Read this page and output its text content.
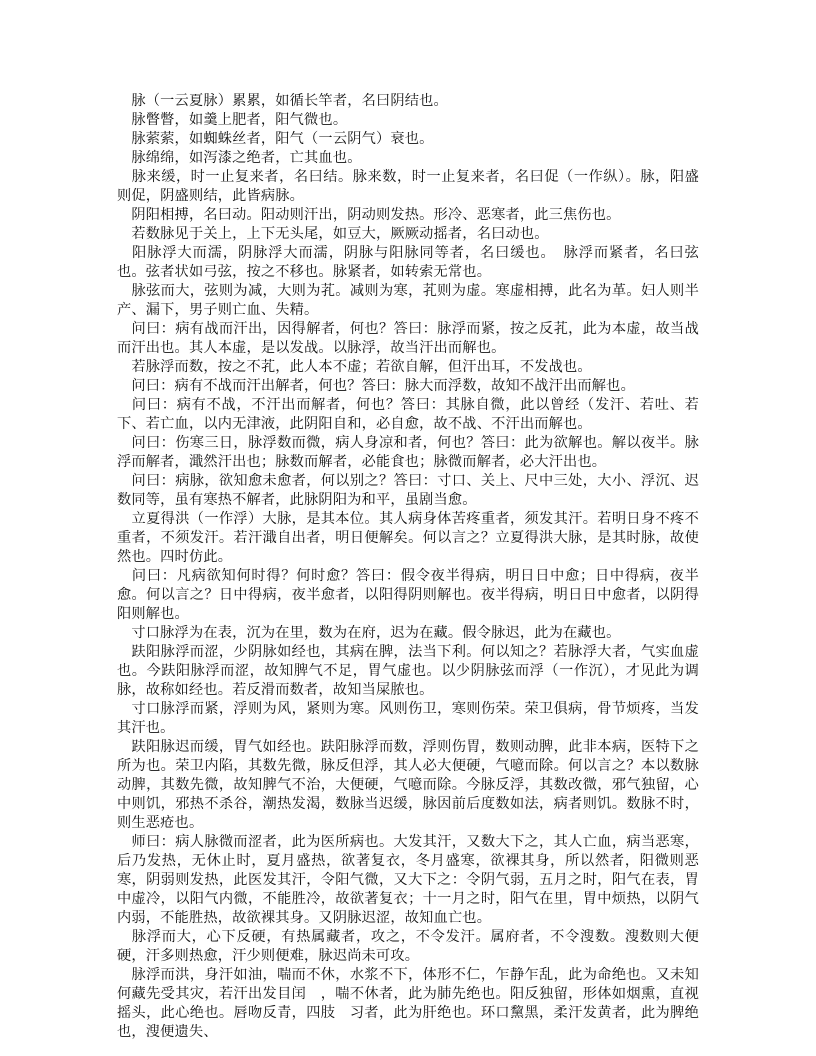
　脉（一云夏脉）累累，如循长竿者，名曰阴结也。

　脉瞥瞥，如羹上肥者，阳气微也。

　脉萦萦，如蜘蛛丝者，阳气（一云阴气）衰也。

　脉绵绵，如泻漆之绝者，亡其血也。

　脉来缓，时一止复来者，名曰结。脉来数，时一止复来者，名曰促（一作纵）。脉，阳盛则促，阴盛则结，此皆病脉。

　阴阳相搏，名曰动。阳动则汗出，阴动则发热。形冷、恶寒者，此三焦伤也。

　若数脉见于关上，上下无头尾，如豆大，厥厥动摇者，名曰动也。

　阳脉浮大而濡，阴脉浮大而濡，阴脉与阳脉同等者，名曰缓也。　脉浮而紧者，名曰弦也。弦者状如弓弦，按之不移也。脉紧者，如转索无常也。

　脉弦而大，弦则为减，大则为芤。减则为寒，芤则为虚。寒虚相搏，此名为革。妇人则半产、漏下，男子则亡血、失精。

　问曰：病有战而汗出，因得解者，何也？答曰：脉浮而紧，按之反芤，此为本虚，故当战而汗出也。其人本虚，是以发战。以脉浮，故当汗出而解也。

　若脉浮而数，按之不芤，此人本不虚；若欲自解，但汗出耳，不发战也。

　问曰：病有不战而汗出解者，何也？答曰：脉大而浮数，故知不战汗出而解也。

　问曰：病有不战，不汗出而解者，何也？答曰：其脉自微，此以曾经（发汗、若吐、若下、若亡血，以内无津液，此阴阳自和，必自愈，故不战、不汗出而解也。

　问曰：伤寒三日，脉浮数而微，病人身凉和者，何也？答曰：此为欲解也。解以夜半。脉浮而解者，濈然汗出也；脉数而解者，必能食也；脉微而解者，必大汗出也。

　问曰：病脉，欲知愈未愈者，何以别之？答曰：寸口、关上、尺中三处，大小、浮沉、迟数同等，虽有寒热不解者，此脉阴阳为和平，虽剧当愈。

　立夏得洪（一作浮）大脉，是其本位。其人病身体苦疼重者，须发其汗。若明日身不疼不重者，不须发汗。若汗濈自出者，明日便解矣。何以言之？立夏得洪大脉，是其时脉，故使然也。四时仿此。

　问曰：凡病欲知何时得？何时愈？答曰：假令夜半得病，明日日中愈；日中得病，夜半愈。何以言之？日中得病，夜半愈者，以阳得阴则解也。夜半得病，明日日中愈者，以阴得阳则解也。

　寸口脉浮为在表，沉为在里，数为在府，迟为在藏。假令脉迟，此为在藏也。

　趺阳脉浮而涩，少阴脉如经也，其病在脾，法当下利。何以知之？若脉浮大者，气实血虚也。今趺阳脉浮而涩，故知脾气不足，胃气虚也。以少阴脉弦而浮（一作沉），才见此为调脉，故称如经也。若反滑而数者，故知当屎脓也。

　寸口脉浮而紧，浮则为风，紧则为寒。风则伤卫，寒则伤荣。荣卫俱病，骨节烦疼，当发其汗也。

　趺阳脉迟而缓，胃气如经也。趺阳脉浮而数，浮则伤胃，数则动脾，此非本病，医特下之所为也。荣卫内陷，其数先微，脉反但浮，其人必大便硬，气噫而除。何以言之？本以数脉动脾，其数先微，故知脾气不治，大便硬，气噫而除。今脉反浮，其数改微，邪气独留，心中则饥，邪热不杀谷，潮热发渴，数脉当迟缓，脉因前后度数如法，病者则饥。数脉不时，则生恶疮也。

　师曰：病人脉微而涩者，此为医所病也。大发其汗，又数大下之，其人亡血，病当恶寒，后乃发热，无休止时，夏月盛热，欲著复衣，冬月盛寒，欲裸其身，所以然者，阳微则恶寒，阴弱则发热，此医发其汗，令阳气微，又大下之：令阴气弱，五月之时，阳气在表，胃中虚冷，以阳气内微，不能胜冷，故欲著复衣；十一月之时，阳气在里，胃中烦热，以阴气内弱，不能胜热，故欲裸其身。又阴脉迟涩，故知血亡也。

　脉浮而大，心下反硬，有热属藏者，攻之，不令发汗。属府者，不令溲数。溲数则大便硬，汗多则热愈，汗少则便难，脉迟尚未可攻。

　脉浮而洪，身汗如油，喘而不休，水浆不下，体形不仁，乍静乍乱，此为命绝也。又未知何藏先受其灾，若汗出发目闰　，喘不休者，此为肺先绝也。阳反独留，形体如烟熏，直视摇头，此心绝也。唇吻反青，四肢　习者，此为肝绝也。环口黧黑，柔汗发黄者，此为脾绝也，溲便遗失、
